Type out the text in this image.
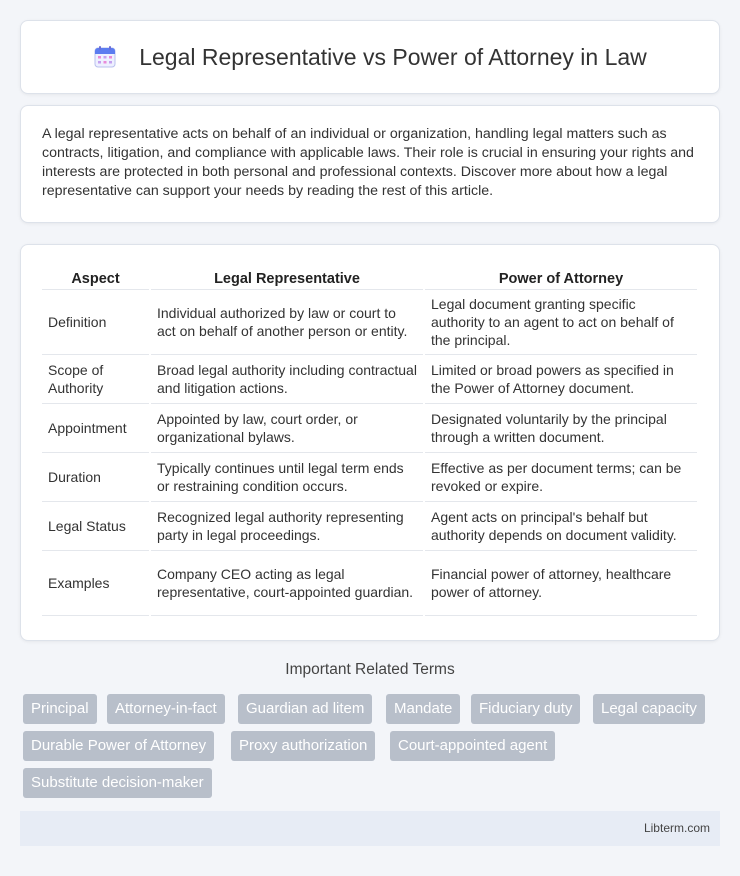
Legal Representative vs Power of Attorney in Law

A legal representative acts on behalf of an individual or organization, handling legal matters such as contracts, litigation, and compliance with applicable laws. Their role is crucial in ensuring your rights and interests are protected in both personal and professional contexts. Discover more about how a legal representative can support your needs by reading the rest of this article.

Aspect	Legal Representative	Power of Attorney
Definition	Individual authorized by law or court to act on behalf of another person or entity.	Legal document granting specific authority to an agent to act on behalf of the principal.
Scope of Authority	Broad legal authority including contractual and litigation actions.	Limited or broad powers as specified in the Power of Attorney document.
Appointment	Appointed by law, court order, or organizational bylaws.	Designated voluntarily by the principal through a written document.
Duration	Typically continues until legal term ends or restraining condition occurs.	Effective as per document terms; can be revoked or expire.
Legal Status	Recognized legal authority representing party in legal proceedings.	Agent acts on principal's behalf but authority depends on document validity.
Examples	Company CEO acting as legal representative, court-appointed guardian.	Financial power of attorney, healthcare power of attorney.
Important Related Terms
Principal	Attorney-in-fact	Guardian ad litem	Mandate	Fiduciary duty	Legal capacity
Durable Power of Attorney	Proxy authorization	Court-appointed agent
Substitute decision-maker
Libterm.com
